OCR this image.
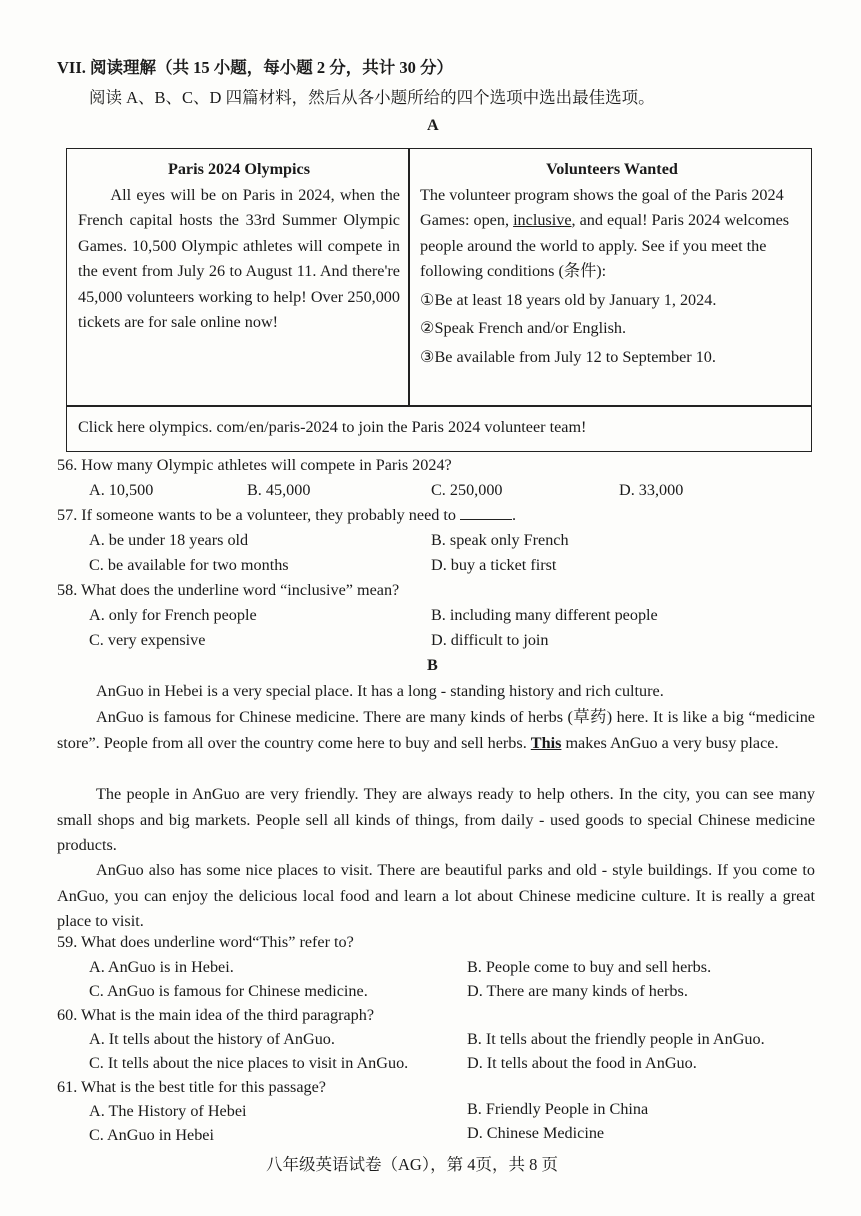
VII. 阅读理解（共 15 小题，每小题 2 分，共计 30 分）
阅读 A、B、C、D 四篇材料，然后从各小题所给的四个选项中选出最佳选项。
A
Paris 2024 Olympics
All eyes will be on Paris in 2024, when the French capital hosts the 33rd Summer Olympic Games. 10,500 Olympic athletes will compete in the event from July 26 to August 11. And there're 45,000 volunteers working to help! Over 250,000 tickets are for sale online now!
Volunteers Wanted
The volunteer program shows the goal of the Paris 2024 Games: open, inclusive, and equal! Paris 2024 welcomes people around the world to apply. See if you meet the following conditions (条件):
①Be at least 18 years old by January 1, 2024.
②Speak French and/or English.
③Be available from July 12 to September 10.
Click here olympics. com/en/paris-2024 to join the Paris 2024 volunteer team!
56. How many Olympic athletes will compete in Paris 2024?
A. 10,500	B. 45,000	C. 250,000	D. 33,000
57. If someone wants to be a volunteer, they probably need to	.
A. be under 18 years old	B. speak only French
C. be available for two months	D. buy a ticket first
58. What does the underline word “inclusive” mean?
A. only for French people	B. including many different people
C. very expensive	D. difficult to join
B
AnGuo in Hebei is a very special place. It has a long - standing history and rich culture.
AnGuo is famous for Chinese medicine. There are many kinds of herbs (草药) here. It is like a big “medicine store”. People from all over the country come here to buy and sell herbs. This makes AnGuo a very busy place.
The people in AnGuo are very friendly. They are always ready to help others. In the city, you can see many small shops and big markets. People sell all kinds of things, from daily - used goods to special Chinese medicine products.
AnGuo also has some nice places to visit. There are beautiful parks and old - style buildings. If you come to AnGuo, you can enjoy the delicious local food and learn a lot about Chinese medicine culture. It is really a great place to visit.
59. What does underline word“This” refer to?
A. AnGuo is in Hebei.	B. People come to buy and sell herbs.
C. AnGuo is famous for Chinese medicine.	D. There are many kinds of herbs.
60. What is the main idea of the third paragraph?
A. It tells about the history of AnGuo.	B. It tells about the friendly people in AnGuo.
C. It tells about the nice places to visit in AnGuo.	D. It tells about the food in AnGuo.
61. What is the best title for this passage?
A. The History of Hebei	B. Friendly People in China
C. AnGuo in Hebei	D. Chinese Medicine
八年级英语试卷（AG），第 4页，共 8 页
